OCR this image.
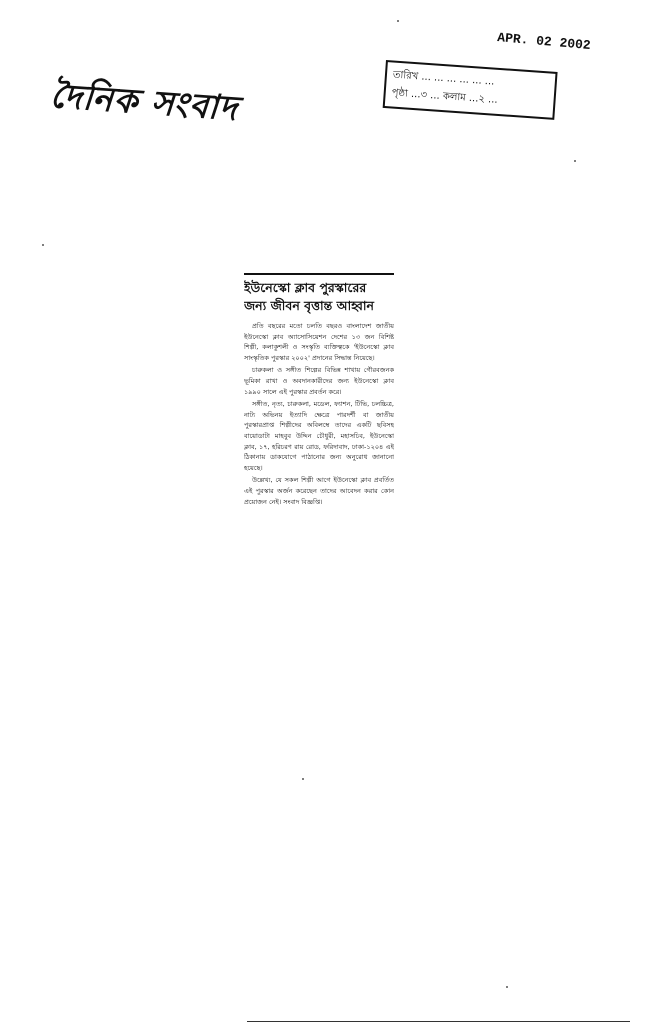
দৈনিক সংবাদ
APR. 02 2002
তারিখ ... ... ... ... ... ...
পৃষ্ঠা ...৩ ... কলাম ...২ ...

ইউনেস্কো ক্লাব পুরস্কারের

জন্য জীবন বৃত্তান্ত আহ্বান

প্রতি বছরের মতো চলতি বছরও বাংলাদেশ জাতীয় ইউনেস্কো ক্লাব অ্যাসোসিয়েশন দেশের ১৩ জন বিশিষ্ট শিল্পী, কলাকুশলী ও সংস্কৃতি ব্যক্তিত্বকে 'ইউনেস্কো ক্লাব সাংস্কৃতিক পুরস্কার ২০০২' প্রদানের সিদ্ধান্ত নিয়েছে।

চারুকলা ও সঙ্গীত শিল্পের বিভিন্ন শাখায় গৌরবজনক ভূমিকা রাখা ও অবদানকারীদের জন্য ইউনেস্কো ক্লাব ১৯৯০ সালে এই পুরস্কার প্রবর্তন করে।

সঙ্গীত, নৃত্য, চারুকলা, মডেল, ফ্যাশন, টিভি, চলচ্চিত্র, নাট্য অভিনয় ইত্যাদি ক্ষেত্রে পারদর্শী বা জাতীয় পুরস্কারপ্রাপ্ত শিল্পীদের অবিলম্বে তাদের একটি ছবিসহ বায়োডাটা মাহবুব উদ্দিন চৌধুরী, মহাসচিব, ইউনেস্কো ক্লাব, ১৭, হরিচরণ রায় রোড, ফরিদাবাদ, ঢাকা-১২০৪ এই ঠিকানায় ডাকযোগে পাঠানোর জন্য অনুরোধ জানানো হয়েছে।

উল্লেখ্য, যে সকল শিল্পী আগে ইউনেস্কো ক্লাব প্রবর্তিত এই পুরস্কার অর্জন করেছেন তাদের আবেদন করার কোন প্রয়োজন নেই। সংবাদ বিজ্ঞপ্তি।
